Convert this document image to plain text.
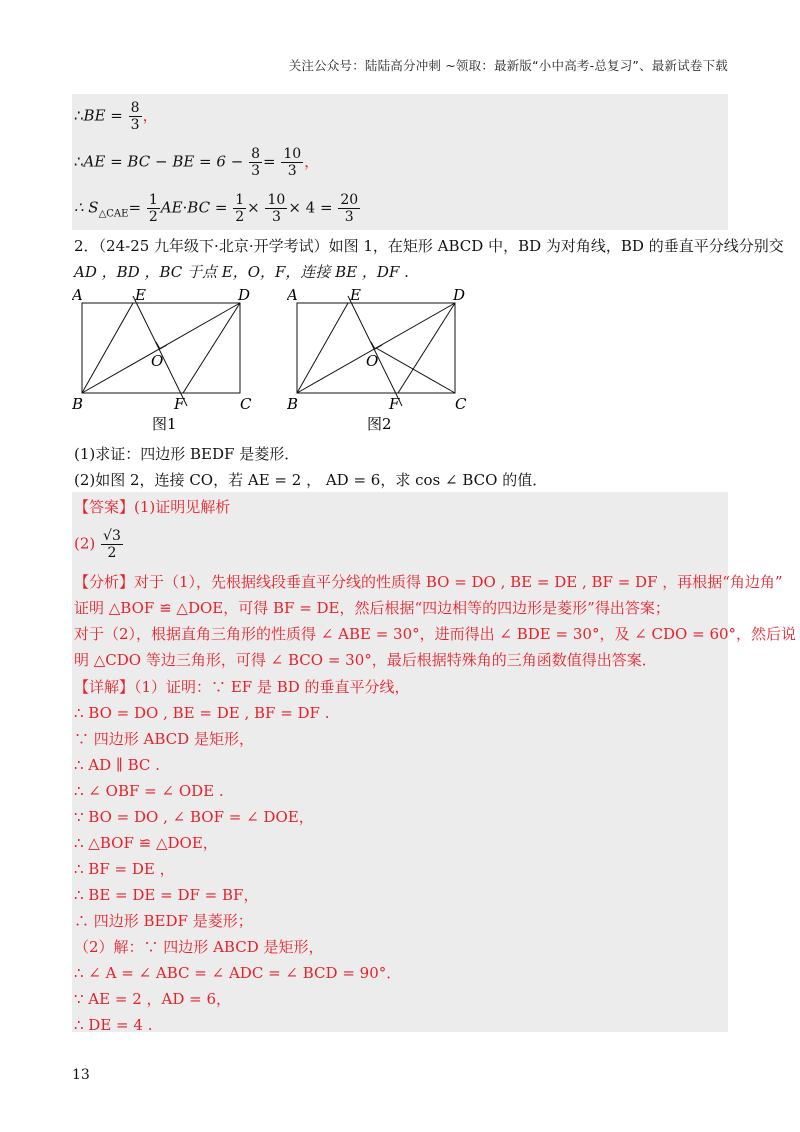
关注公众号：陆陆高分冲刺 ~领取：最新版“小中高考-总复习”、最新试卷下载
∴BE = $\frac{8}{3}$ ，
∴AE = BC − BE = $6 - \frac{8}{3} = \frac{10}{3}$ ，
∴ $S_{\triangle CAE}= \frac{1}{2} AE\cdot BC = \frac{1}{2} \times \frac{10}{3} \times 4 = \frac{20}{3}$
2．（24-25 九年级下·北京·开学考试）如图 1，在矩形 ABCD 中，BD 为对角线，BD 的垂直平分线分别交
AD ，BD ，BC 于点 E，O，F，连接 BE ，DF .
A	E	D
O
B	F	C
图1
A	E	D
O
B	F	C
图2
(1)求证：四边形 BEDF 是菱形．
(2)如图 2，连接 CO，若 AE = 2 ， AD = 6，求 cos ∠ BCO 的值．
【答案】(1)证明见解析
$(2) \frac{√3}{2}$
【分析】对于（1），先根据线段垂直平分线的性质得 BO = DO , BE = DE , BF = DF ，再根据“角边角”
证明 △BOF ≌ △DOE，可得 BF = DE，然后根据“四边相等的四边形是菱形”得出答案；
对于（2），根据直角三角形的性质得 ∠ ABE = 30°，进而得出 ∠ BDE = 30°，及 ∠ CDO = 60°，然后说
明 △CDO 等边三角形，可得 ∠ BCO = 30°，最后根据特殊角的三角函数值得出答案．
【详解】（1）证明：∵ EF 是 BD 的垂直平分线，
∴ BO = DO , BE = DE , BF = DF .
∵ 四边形 ABCD 是矩形，
∴ AD ∥ BC .
∴ ∠ OBF = ∠ ODE .
∵ BO = DO , ∠ BOF = ∠ DOE，
∴ △BOF ≌ △DOE，
∴ BF = DE ，
∴ BE = DE = DF = BF，
∴ 四边形 BEDF 是菱形；
（2）解：∵ 四边形 ABCD 是矩形，
∴ ∠ A = ∠ ABC = ∠ ADC = ∠ BCD = 90°．
∵ AE = 2 ，AD = 6，
∴ DE = 4 .
13
